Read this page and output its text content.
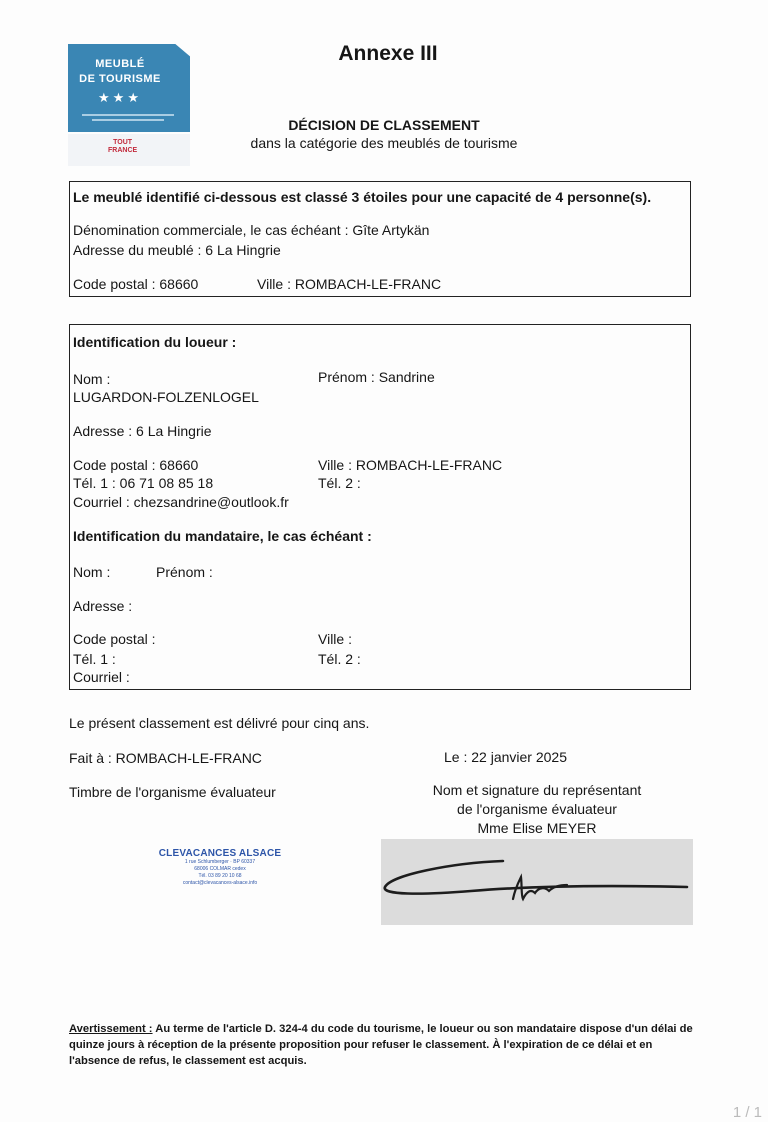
MEUBLÉ
DE TOURISME
★★★
TOUT
FRANCE
Annexe III
DÉCISION DE CLASSEMENT
dans la catégorie des meublés de tourisme
Le meublé identifié ci-dessous est classé 3 étoiles pour une capacité de 4 personne(s).
Dénomination commerciale, le cas échéant : Gîte Artykän
Adresse du meublé : 6 La Hingrie
Code postal : 68660	Ville : ROMBACH-LE-FRANC
Identification du loueur :
Nom :	Prénom : Sandrine
LUGARDON-FOLZENLOGEL
Adresse : 6 La Hingrie
Code postal : 68660	Ville : ROMBACH-LE-FRANC
Tél. 1 : 06 71 08 85 18	Tél. 2 :
Courriel : chezsandrine@outlook.fr
Identification du mandataire, le cas échéant :
Nom :	Prénom :
Adresse :
Code postal :	Ville :
Tél. 1 :	Tél. 2 :
Courriel :
Le présent classement est délivré pour cinq ans.
Fait à : ROMBACH-LE-FRANC	Le : 22 janvier 2025
Timbre de l'organisme évaluateur	Nom et signature du représentant
de l'organisme évaluateur
Mme Elise MEYER
CLEVACANCES ALSACE
1 rue Schlumberger · BP 60337
68006 COLMAR cedex
Tél. 03 89 20 10 68
contact@clevacances-alsace.info
Avertissement : Au terme de l'article D. 324-4 du code du tourisme, le loueur ou son mandataire dispose d'un délai de quinze jours à réception de la présente proposition pour refuser le classement. À l'expiration de ce délai et en l'absence de refus, le classement est acquis.
1 / 1
